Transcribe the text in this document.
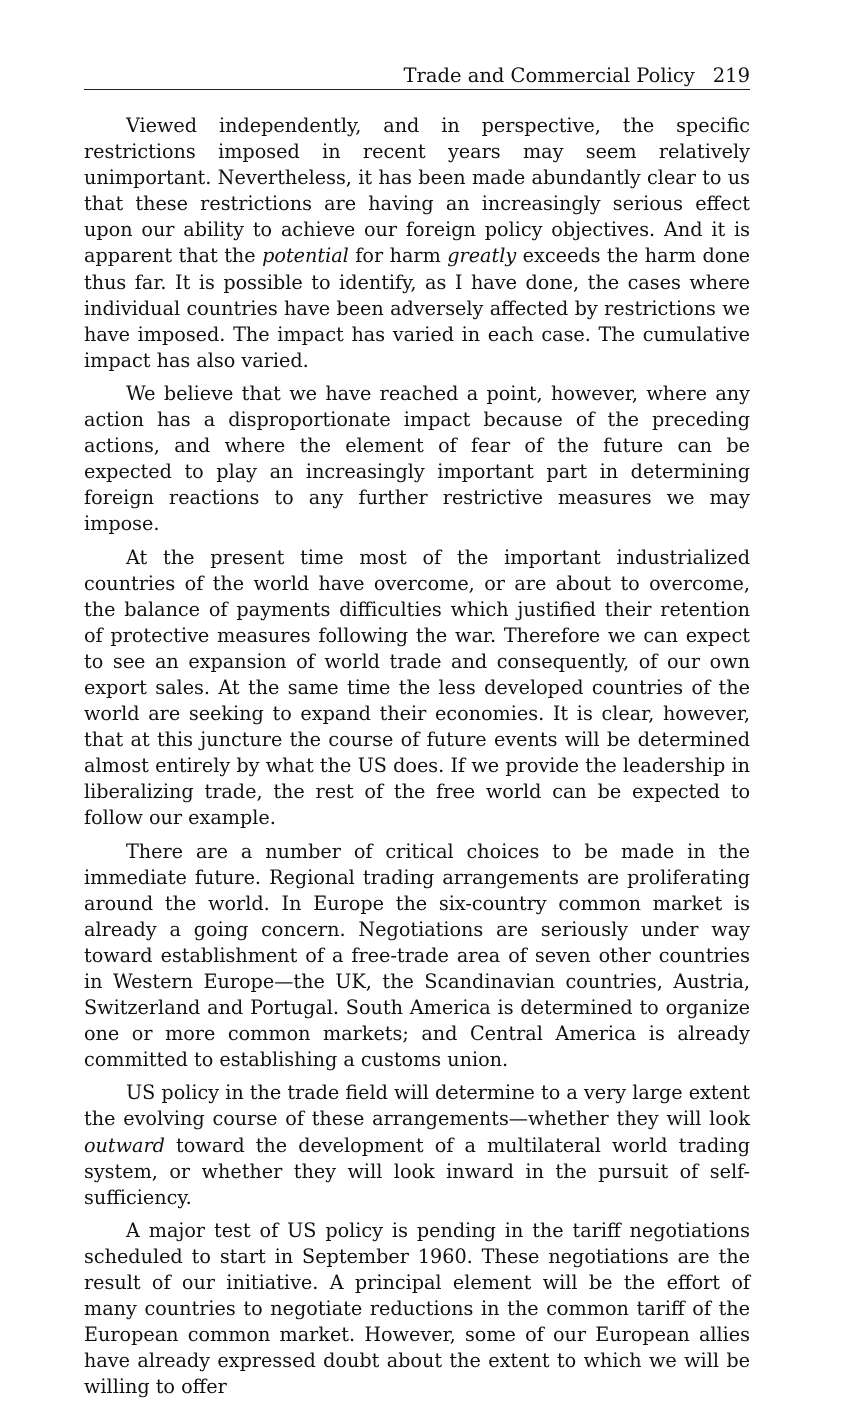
Trade and Commercial Policy 219

Viewed independently, and in perspective, the specific restrictions imposed in recent years may seem relatively unimportant. Nevertheless, it has been made abundantly clear to us that these restrictions are having an increasingly serious effect upon our ability to achieve our foreign policy objectives. And it is apparent that the potential for harm greatly exceeds the harm done thus far. It is possible to identify, as I have done, the cases where individual countries have been adversely affected by restrictions we have imposed. The impact has varied in each case. The cumulative impact has also varied.

We believe that we have reached a point, however, where any action has a disproportionate impact because of the preceding actions, and where the element of fear of the future can be expected to play an increasingly important part in determining foreign reactions to any further restrictive measures we may impose.

At the present time most of the important industrialized countries of the world have overcome, or are about to overcome, the balance of payments difficulties which justified their retention of protective measures following the war. Therefore we can expect to see an expansion of world trade and consequently, of our own export sales. At the same time the less developed countries of the world are seeking to expand their economies. It is clear, however, that at this juncture the course of future events will be determined almost entirely by what the US does. If we provide the leadership in liberalizing trade, the rest of the free world can be expected to follow our example.

There are a number of critical choices to be made in the immediate future. Regional trading arrangements are proliferating around the world. In Europe the six-country common market is already a going concern. Negotiations are seriously under way toward establishment of a free-trade area of seven other countries in Western Europe—the UK, the Scandinavian countries, Austria, Switzerland and Portugal. South America is determined to organize one or more common markets; and Central America is already committed to establishing a customs union.

US policy in the trade field will determine to a very large extent the evolving course of these arrangements—whether they will look outward toward the development of a multilateral world trading system, or whether they will look inward in the pursuit of self-sufficiency.

A major test of US policy is pending in the tariff negotiations scheduled to start in September 1960. These negotiations are the result of our initiative. A principal element will be the effort of many countries to negotiate reductions in the common tariff of the European common market. However, some of our European allies have already expressed doubt about the extent to which we will be willing to offer
